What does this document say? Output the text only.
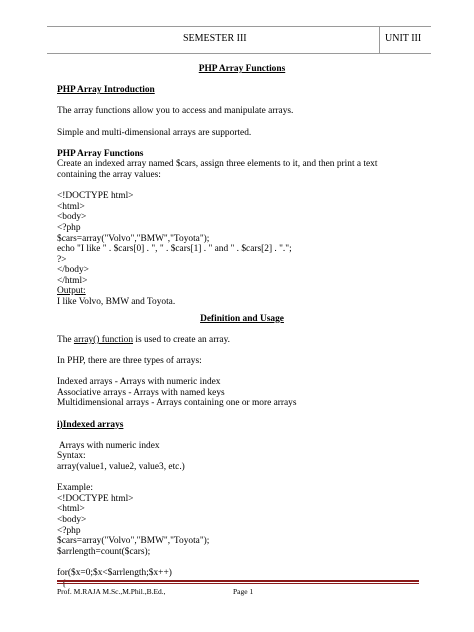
SEMESTER III	UNIT III

PHP Array Functions

PHP Array Introduction

The array functions allow you to access and manipulate arrays.

Simple and multi-dimensional arrays are supported.

PHP Array Functions

Create an indexed array named $cars, assign three elements to it, and then print a text

containing the array values:

<!DOCTYPE html>

<html>

<body>

<?php

$cars=array("Volvo","BMW","Toyota");

echo "I like " . $cars[0] . ", " . $cars[1] . " and " . $cars[2] . ".";

?>

</body>

</html>

Output:

I like Volvo, BMW and Toyota.

Definition and Usage

The array() function is used to create an array.

In PHP, there are three types of arrays:

Indexed arrays - Arrays with numeric index

Associative arrays - Arrays with named keys

Multidimensional arrays - Arrays containing one or more arrays

i)Indexed arrays

Arrays with numeric index

Syntax:

array(value1, value2, value3, etc.)

Example:

<!DOCTYPE html>

<html>

<body>

<?php

$cars=array("Volvo","BMW","Toyota");

$arrlength=count($cars);

for($x=0;$x<$arrlength;$x++)

Prof. M.RAJA M.Sc.,M.Phil.,B.Ed.,	Page 1
